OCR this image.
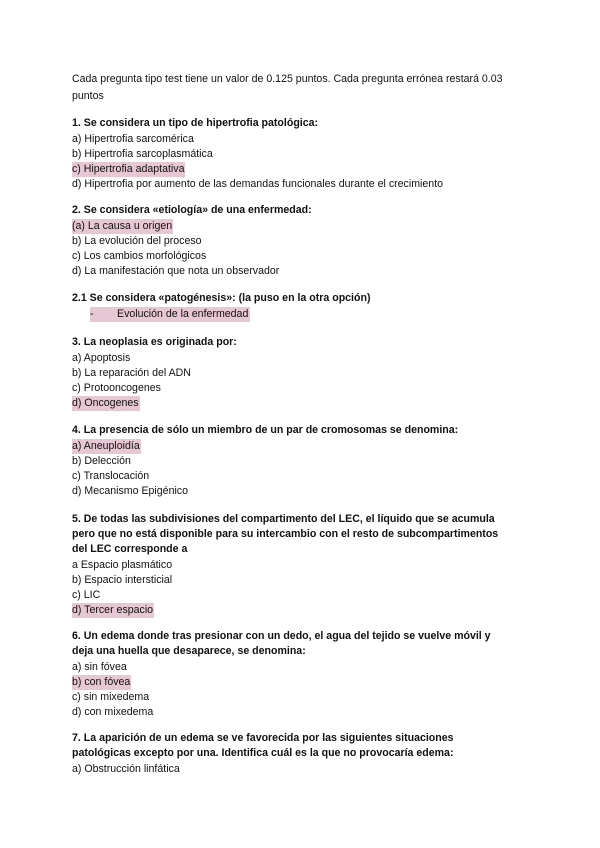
Cada pregunta tipo test tiene un valor de 0.125 puntos. Cada pregunta errónea restará 0.03 puntos
1. Se considera un tipo de hipertrofia patológica:
a) Hipertrofia sarcomérica
b) Hipertrofia sarcoplasmática
c) Hipertrofia adaptativa
d) Hipertrofia por aumento de las demandas funcionales durante el crecimiento
2. Se considera «etiología» de una enfermedad:
(a) La causa u origen
b) La evolución del proceso
c) Los cambios morfológicos
d) La manifestación que nota un observador
2.1 Se considera «patogénesis»: (la puso en la otra opción)
- Evolución de la enfermedad
3. La neoplasia es originada por:
a) Apoptosis
b) La reparación del ADN
c) Protooncogenes
d) Oncogenes
4. La presencia de sólo un miembro de un par de cromosomas se denomina:
a) Aneuploidía
b) Delección
c) Translocación
d) Mecanismo Epigénico
5. De todas las subdivisiones del compartimento del LEC, el líquido que se acumula
pero que no está disponible para su intercambio con el resto de subcompartimentos
del LEC corresponde a
a Espacio plasmático
b) Espacio intersticial
c) LIC
d) Tercer espacio
6. Un edema donde tras presionar con un dedo, el agua del tejido se vuelve móvil y
deja una huella que desaparece, se denomina:
a) sin fóvea
b) con fóvea
c) sin mixedema
d) con mixedema
7. La aparición de un edema se ve favorecida por las siguientes situaciones
patológicas excepto por una. Identifica cuál es la que no provocaría edema:
a) Obstrucción linfática
